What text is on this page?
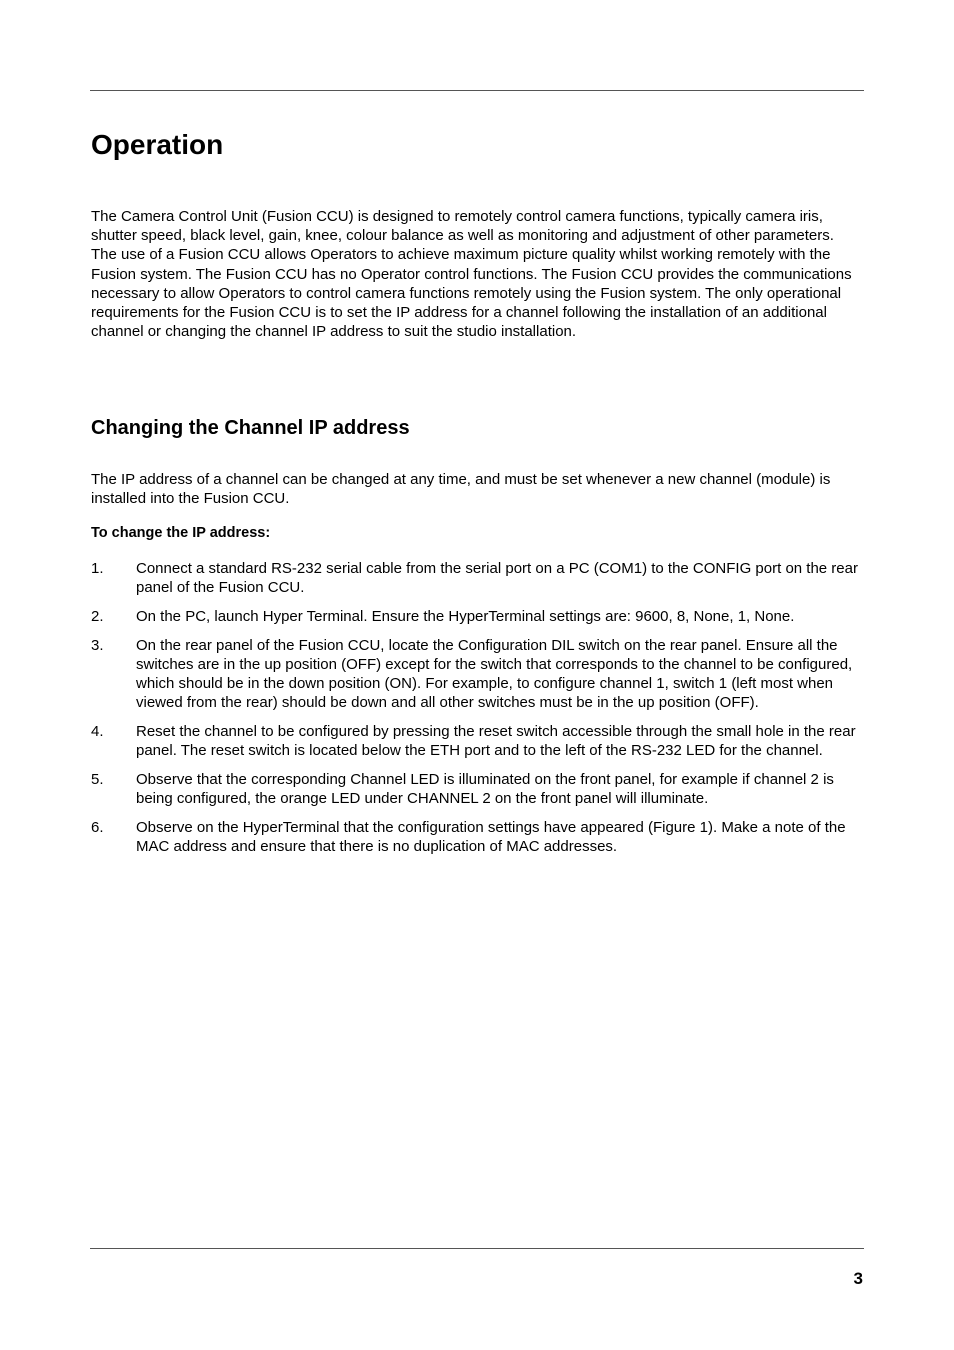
Operation

The Camera Control Unit (Fusion CCU) is designed to remotely control camera functions, typically camera iris, shutter speed, black level, gain, knee, colour balance as well as monitoring and adjustment of other parameters. The use of a Fusion CCU allows Operators to achieve maximum picture quality whilst working remotely with the Fusion system. The Fusion CCU has no Operator control functions. The Fusion CCU provides the communications necessary to allow Operators to control camera functions remotely using the Fusion system. The only operational requirements for the Fusion CCU is to set the IP address for a channel following the installation of an additional channel or changing the channel IP address to suit the studio installation.

Changing the Channel IP address

The IP address of a channel can be changed at any time, and must be set whenever a new channel (module) is installed into the Fusion CCU.

To change the IP address:

1. Connect a standard RS-232 serial cable from the serial port on a PC (COM1) to the CONFIG port on the rear panel of the Fusion CCU.
2. On the PC, launch Hyper Terminal. Ensure the HyperTerminal settings are: 9600, 8, None, 1, None.
3. On the rear panel of the Fusion CCU, locate the Configuration DIL switch on the rear panel. Ensure all the switches are in the up position (OFF) except for the switch that corresponds to the channel to be configured, which should be in the down position (ON). For example, to configure channel 1, switch 1 (left most when viewed from the rear) should be down and all other switches must be in the up position (OFF).
4. Reset the channel to be configured by pressing the reset switch accessible through the small hole in the rear panel. The reset switch is located below the ETH port and to the left of the RS-232 LED for the channel.
5. Observe that the corresponding Channel LED is illuminated on the front panel, for example if channel 2 is being configured, the orange LED under CHANNEL 2 on the front panel will illuminate.
6. Observe on the HyperTerminal that the configuration settings have appeared (Figure 1). Make a note of the MAC address and ensure that there is no duplication of MAC addresses.

3
